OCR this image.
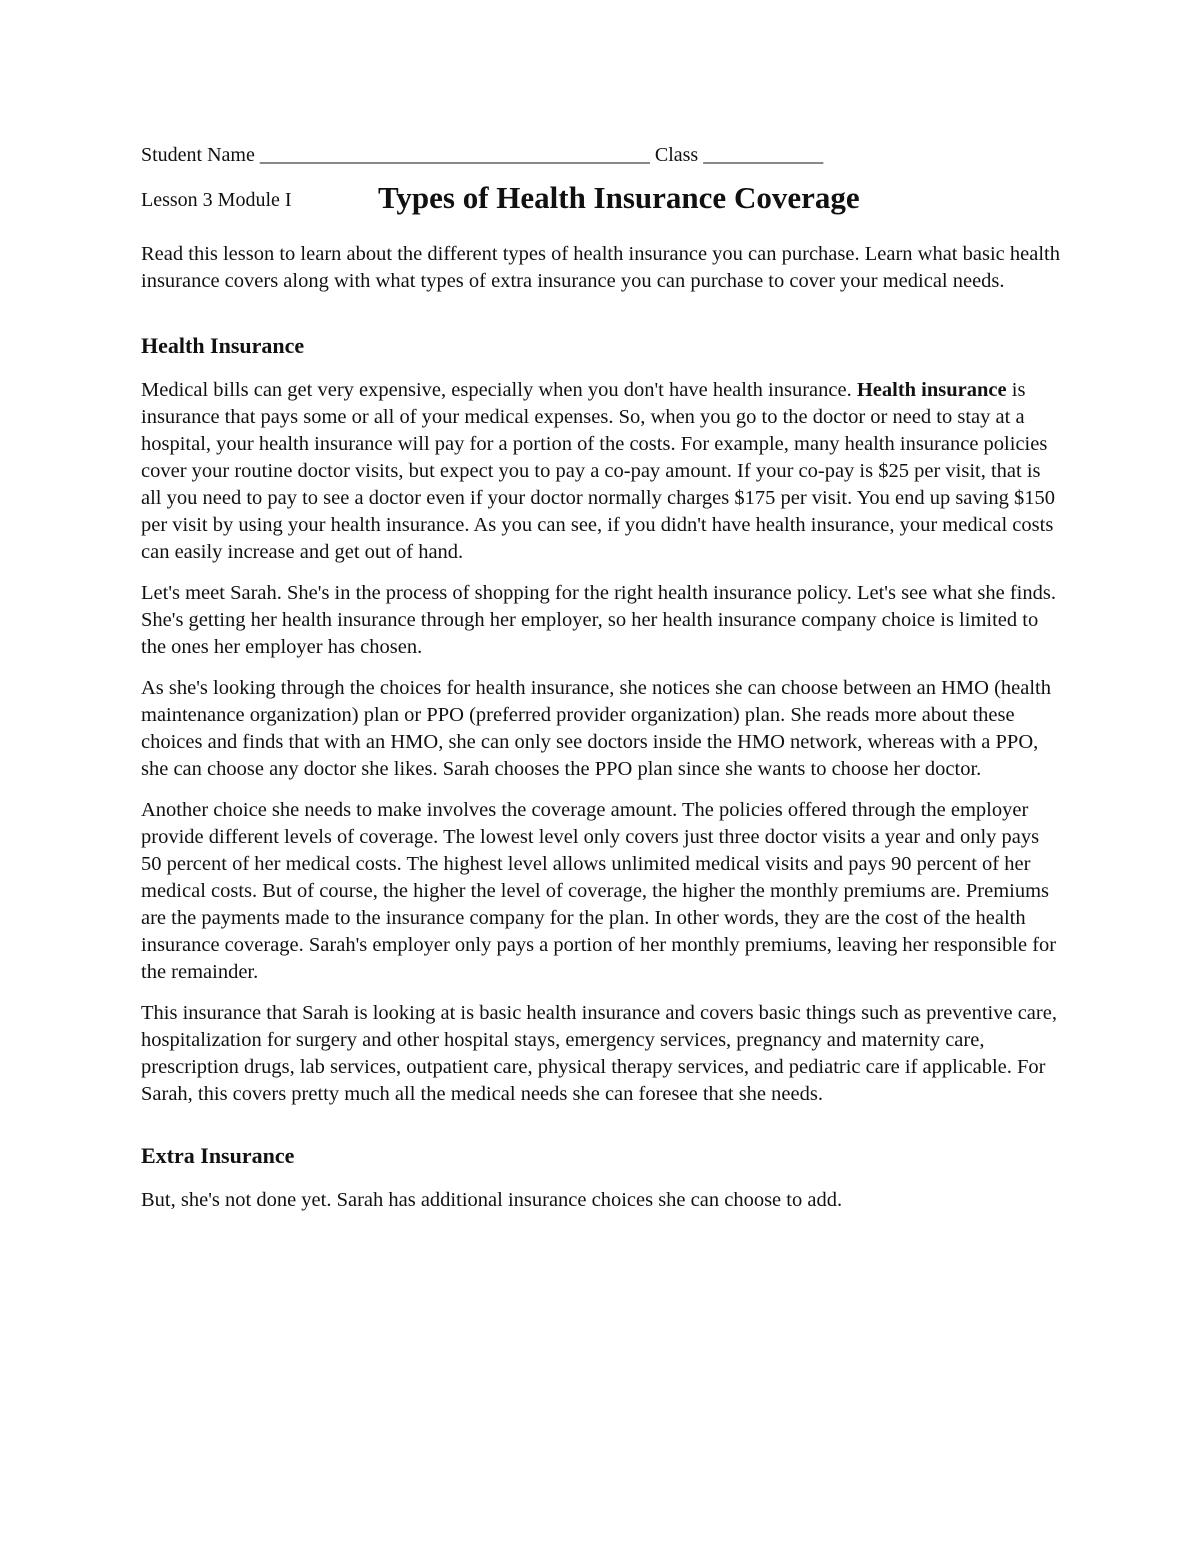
Student Name _______________________________________ Class ____________
Lesson 3 Module I	Types of Health Insurance Coverage

Read this lesson to learn about the different types of health insurance you can purchase. Learn what basic health insurance covers along with what types of extra insurance you can purchase to cover your medical needs.

Health Insurance

Medical bills can get very expensive, especially when you don't have health insurance. Health insurance is insurance that pays some or all of your medical expenses. So, when you go to the doctor or need to stay at a hospital, your health insurance will pay for a portion of the costs. For example, many health insurance policies cover your routine doctor visits, but expect you to pay a co-pay amount. If your co-pay is $25 per visit, that is all you need to pay to see a doctor even if your doctor normally charges $175 per visit. You end up saving $150 per visit by using your health insurance. As you can see, if you didn't have health insurance, your medical costs can easily increase and get out of hand.

Let's meet Sarah. She's in the process of shopping for the right health insurance policy. Let's see what she finds. She's getting her health insurance through her employer, so her health insurance company choice is limited to the ones her employer has chosen.

As she's looking through the choices for health insurance, she notices she can choose between an HMO (health maintenance organization) plan or PPO (preferred provider organization) plan. She reads more about these choices and finds that with an HMO, she can only see doctors inside the HMO network, whereas with a PPO, she can choose any doctor she likes. Sarah chooses the PPO plan since she wants to choose her doctor.

Another choice she needs to make involves the coverage amount. The policies offered through the employer provide different levels of coverage. The lowest level only covers just three doctor visits a year and only pays 50 percent of her medical costs. The highest level allows unlimited medical visits and pays 90 percent of her medical costs. But of course, the higher the level of coverage, the higher the monthly premiums are. Premiums are the payments made to the insurance company for the plan. In other words, they are the cost of the health insurance coverage. Sarah's employer only pays a portion of her monthly premiums, leaving her responsible for the remainder.

This insurance that Sarah is looking at is basic health insurance and covers basic things such as preventive care, hospitalization for surgery and other hospital stays, emergency services, pregnancy and maternity care, prescription drugs, lab services, outpatient care, physical therapy services, and pediatric care if applicable. For Sarah, this covers pretty much all the medical needs she can foresee that she needs.

Extra Insurance

But, she's not done yet. Sarah has additional insurance choices she can choose to add.
